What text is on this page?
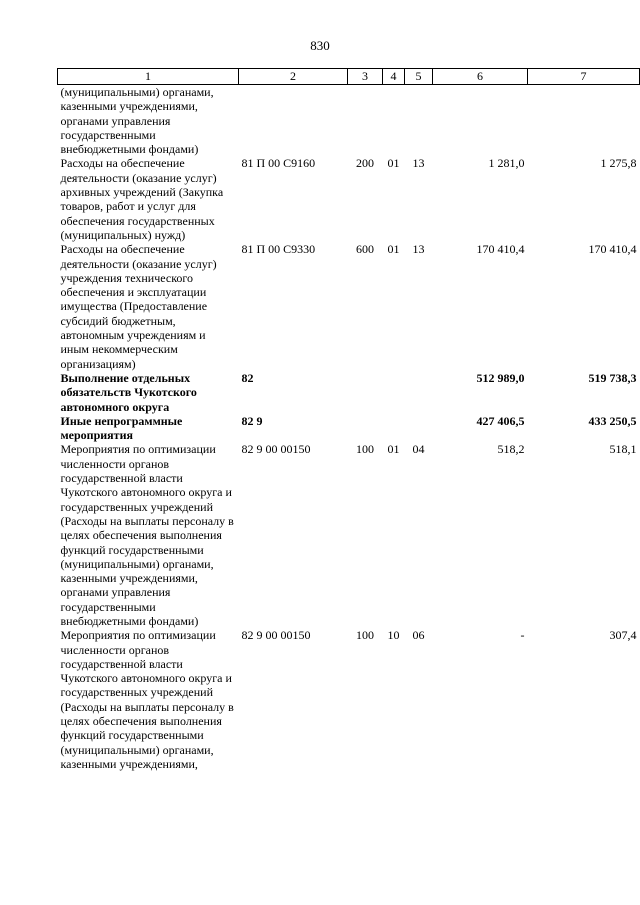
830
1	2	3	4	5	6	7
(муниципальными) органами, казенными учреждениями, органами управления государственными внебюджетными фондами)						
Расходы на обеспечение деятельности (оказание услуг) архивных учреждений (Закупка товаров, работ и услуг для обеспечения государственных (муниципальных) нужд)	81 П 00 С9160	200	01	13	1 281,0	1 275,8
Расходы на обеспечение деятельности (оказание услуг) учреждения технического обеспечения и эксплуатации имущества (Предоставление субсидий бюджетным, автономным учреждениям и иным некоммерческим организациям)	81 П 00 С9330	600	01	13	170 410,4	170 410,4
Выполнение отдельных обязательств Чукотского автономного округа	82				512 989,0	519 738,3
Иные непрограммные мероприятия	82 9				427 406,5	433 250,5
Мероприятия по оптимизации численности органов государственной власти Чукотского автономного округа и государственных учреждений (Расходы на выплаты персоналу в целях обеспечения выполнения функций государственными (муниципальными) органами, казенными учреждениями, органами управления государственными внебюджетными фондами)	82 9 00 00150	100	01	04	518,2	518,1
Мероприятия по оптимизации численности органов государственной власти Чукотского автономного округа и государственных учреждений (Расходы на выплаты персоналу в целях обеспечения выполнения функций государственными (муниципальными) органами, казенными учреждениями,	82 9 00 00150	100	10	06	-	307,4
